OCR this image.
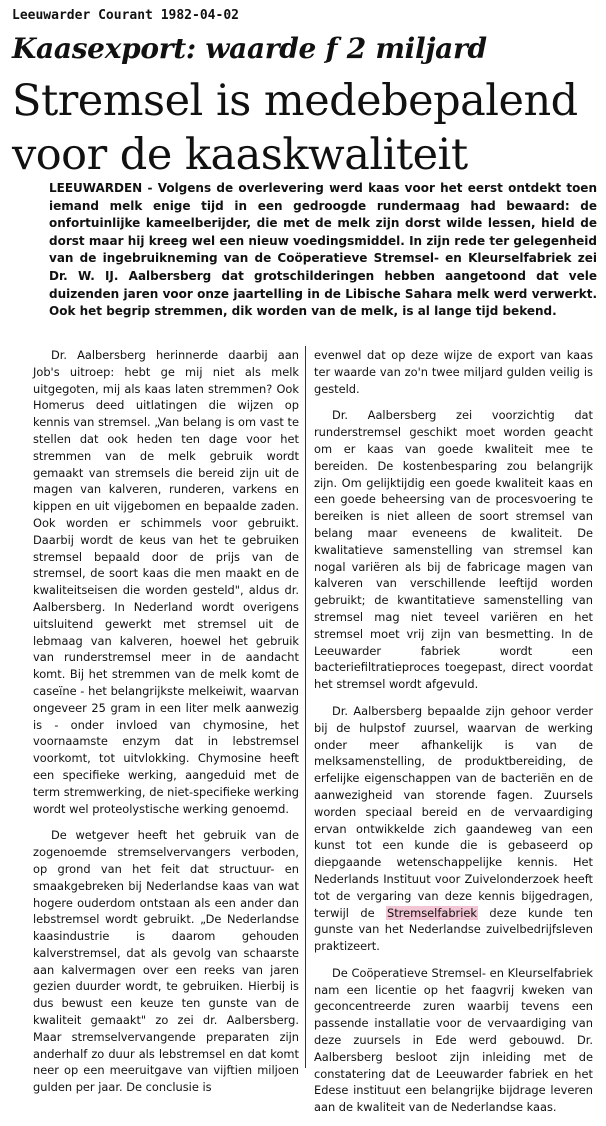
Leeuwarder Courant 1982-04-02
Kaasexport: waarde f 2 miljard
Stremsel is medebepalend
voor de kaaskwaliteit

LEEUWARDEN - Volgens de overlevering werd kaas voor het eerst ontdekt toen iemand melk enige tijd in een gedroogde rundermaag had bewaard: de onfortuinlijke kameelberijder, die met de melk zijn dorst wilde lessen, hield de dorst maar hij kreeg wel een nieuw voedingsmiddel. In zijn rede ter gelegenheid van de ingebruikneming van de Coöperatieve Stremsel- en Kleurselfabriek zei Dr. W. IJ. Aalbersberg dat grotschilderingen hebben aangetoond dat vele duizenden jaren voor onze jaartelling in de Libische Sahara melk werd verwerkt. Ook het begrip stremmen, dik worden van de melk, is al lange tijd bekend.

Dr. Aalbersberg herinnerde daarbij aan Job's uitroep: hebt ge mij niet als melk uitgegoten, mij als kaas laten stremmen? Ook Homerus deed uitlatingen die wijzen op kennis van stremsel. „Van belang is om vast te stellen dat ook heden ten dage voor het stremmen van de melk gebruik wordt gemaakt van stremsels die bereid zijn uit de magen van kalveren, runderen, varkens en kippen en uit vijgebomen en bepaalde zaden. Ook worden er schimmels voor gebruikt. Daarbij wordt de keus van het te gebruiken stremsel bepaald door de prijs van de stremsel, de soort kaas die men maakt en de kwaliteitseisen die worden gesteld", aldus dr. Aalbersberg. In Nederland wordt overigens uitsluitend gewerkt met stremsel uit de lebmaag van kalveren, hoewel het gebruik van runderstremsel meer in de aandacht komt. Bij het stremmen van de melk komt de caseïne - het belangrijkste melkeiwit, waarvan ongeveer 25 gram in een liter melk aanwezig is - onder invloed van chymosine, het voornaamste enzym dat in lebstremsel voorkomt, tot uitvlokking. Chymosine heeft een specifieke werking, aangeduid met de term stremwerking, de niet-specifieke werking wordt wel proteolystische werking genoemd.

De wetgever heeft het gebruik van de zogenoemde stremselvervangers verboden, op grond van het feit dat structuur- en smaakgebreken bij Nederlandse kaas van wat hogere ouderdom ontstaan als een ander dan lebstremsel wordt gebruikt. „De Nederlandse kaasindustrie is daarom gehouden kalverstremsel, dat als gevolg van schaarste aan kalvermagen over een reeks van jaren gezien duurder wordt, te gebruiken. Hierbij is dus bewust een keuze ten gunste van de kwaliteit gemaakt" zo zei dr. Aalbersberg. Maar stremselvervangende preparaten zijn anderhalf zo duur als lebstremsel en dat komt neer op een meeruitgave van vijftien miljoen gulden per jaar. De conclusie is

evenwel dat op deze wijze de export van kaas ter waarde van zo'n twee miljard gulden veilig is gesteld.

Dr. Aalbersberg zei voorzichtig dat runderstremsel geschikt moet worden geacht om er kaas van goede kwaliteit mee te bereiden. De kostenbesparing zou belangrijk zijn. Om gelijktijdig een goede kwaliteit kaas en een goede beheersing van de procesvoering te bereiken is niet alleen de soort stremsel van belang maar eveneens de kwaliteit. De kwalitatieve samenstelling van stremsel kan nogal variëren als bij de fabricage magen van kalveren van verschillende leeftijd worden gebruikt; de kwantitatieve samenstelling van stremsel mag niet teveel variëren en het stremsel moet vrij zijn van besmetting. In de Leeuwarder fabriek wordt een bacteriefiltratieproces toegepast, direct voordat het stremsel wordt afgevuld.

Dr. Aalbersberg bepaalde zijn gehoor verder bij de hulpstof zuursel, waarvan de werking onder meer afhankelijk is van de melksamenstelling, de produktbereiding, de erfelijke eigenschappen van de bacteriën en de aanwezigheid van storende fagen. Zuursels worden speciaal bereid en de vervaardiging ervan ontwikkelde zich gaandeweg van een kunst tot een kunde die is gebaseerd op diepgaande wetenschappelijke kennis. Het Nederlands Instituut voor Zuivelonderzoek heeft tot de vergaring van deze kennis bijgedragen, terwijl de Stremselfabriek deze kunde ten gunste van het Nederlandse zuivelbedrijfsleven praktizeert.

De Coöperatieve Stremsel- en Kleurselfabriek nam een licentie op het faagvrij kweken van geconcentreerde zuren waarbij tevens een passende installatie voor de vervaardiging van deze zuursels in Ede werd gebouwd. Dr. Aalbersberg besloot zijn inleiding met de constatering dat de Leeuwarder fabriek en het Edese instituut een belangrijke bijdrage leveren aan de kwaliteit van de Nederlandse kaas.
